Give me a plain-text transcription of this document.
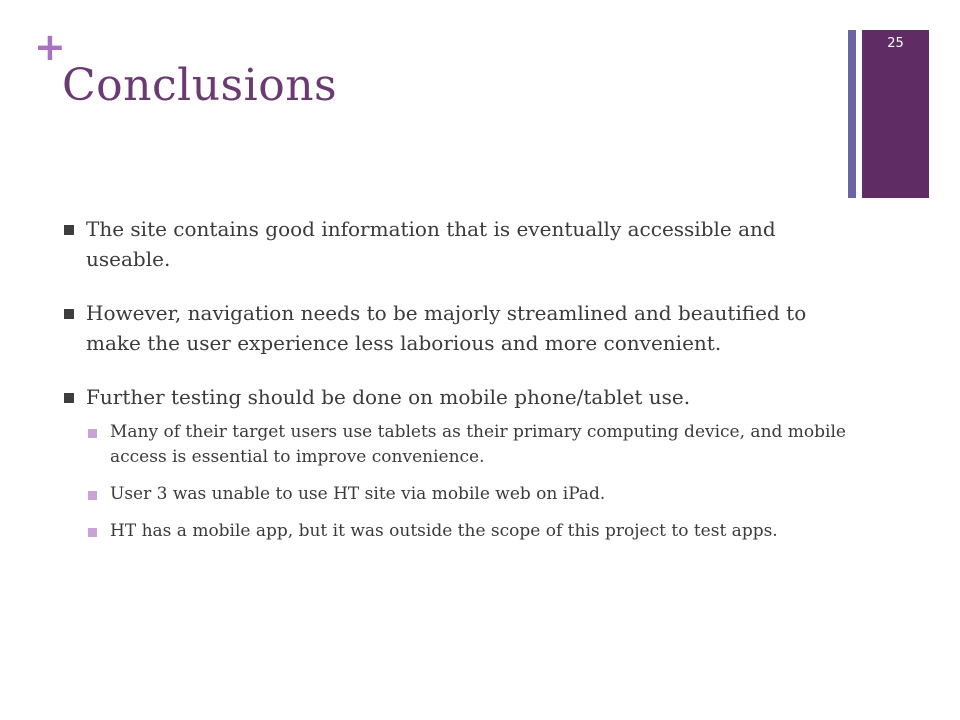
+
Conclusions
25
The site contains good information that is eventually accessible and useable.
However, navigation needs to be majorly streamlined and beautified to make the user experience less laborious and more convenient.
Further testing should be done on mobile phone/tablet use.
Many of their target users use tablets as their primary computing device, and mobile access is essential to improve convenience.
User 3 was unable to use HT site via mobile web on iPad.
HT has a mobile app, but it was outside the scope of this project to test apps.
